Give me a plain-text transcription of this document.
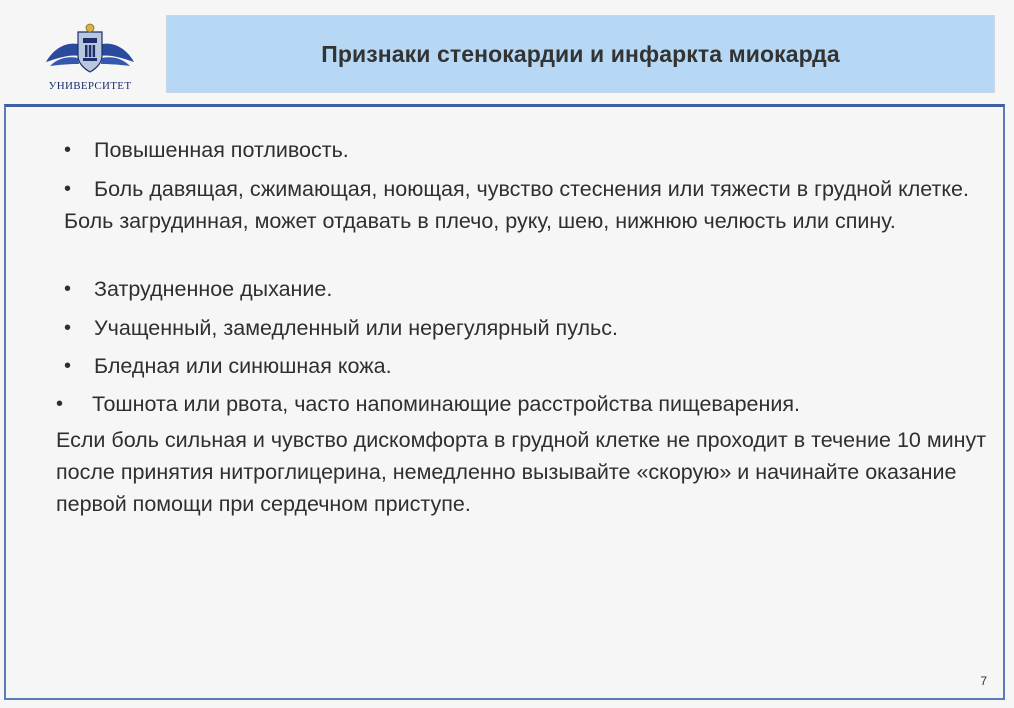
УНИВЕРСИТЕТ
Признаки стенокардии и инфаркта миокарда
• Повышенная потливость.
•	Боль давящая, сжимающая, ноющая, чувство стеснения или тяжести в грудной клетке. Боль загрудинная, может отдавать в плечо, руку, шею, нижнюю челюсть или спину.
• Затрудненное дыхание.
• Учащенный, замедленный или нерегулярный пульс.
• Бледная или синюшная кожа.
• Тошнота или рвота, часто напоминающие расстройства пищеварения.
Если боль сильная и чувство дискомфорта в грудной клетке не проходит в течение 10 минут после принятия нитроглицерина, немедленно вызывайте «скорую» и начинайте оказание первой помощи при сердечном приступе.
7
